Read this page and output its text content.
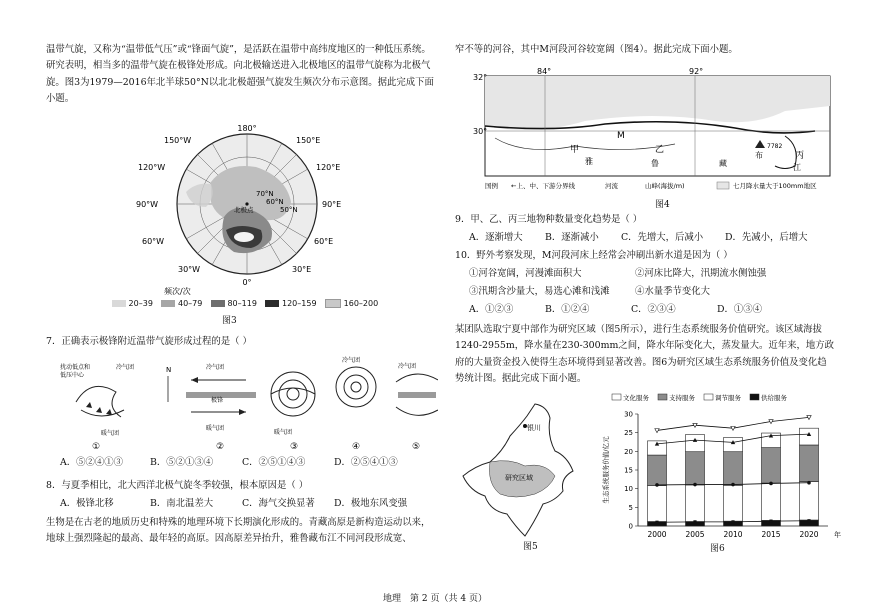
温带气旋，又称为“温带低气压”或“锋面气旋”，是活跃在温带中高纬度地区的一种低压系统。研究表明，相当多的温带气旋在极锋处形成。向北极输送进入北极地区的温带气旋称为北极气旋。图3为1979—2016年北半球50°N以北北极超强气旋发生频次分布示意图。据此完成下面小题。

180°
150°E
120°E
90°E
60°E
30°E
0°
30°W
60°W
90°W
120°W
150°W
70°N
60°N
50°N
北极点
频次/次
20–39	40–79	80–119	120–159	160–200
图3
7．正确表示极锋附近温带气旋形成过程的是（ ）
扰动低点和
低压中心
冷气团
暖气团
N	冷气团
极锋
暖气团
暖气团
冷气团
冷气团
①	②	③	④	⑤
A．⑤②④①③	B．⑤②①③④	C．②⑤①④③	D．②⑤④①③
8．与夏季相比，北大西洋北极气旋冬季较强，根本原因是（ ）
A．极锋北移	B．南北温差大	C．海气交换显著 D．极地东风变强

生物是在古老的地质历史和特殊的地理环境下长期演化形成的。青藏高原是新构造运动以来，地球上强烈隆起的最高、最年轻的高原。因高原差异抬升，雅鲁藏布江不同河段形成宽、

窄不等的河谷，其中M河段河谷较宽阔（图4）。据此完成下面小题。

84°	92°
32°
30°	M
甲	乙
丙
雅	鲁	藏
布
江
7782
国例 ←上、中、下游分界线	河流	山峰(海拔/m)	七月降水量大于100mm地区
图4
9．甲、乙、丙三地物种数量变化趋势是（ ）
A．逐渐增大 B．逐渐减小 C．先增大，后减小 D．先减小，后增大
10．野外考察发现，M河段河床上经常会冲刷出新水道是因为（ ）
①河谷宽阔，河漫滩面积大	②河床比降大，汛期流水侧蚀强
③汛期含沙量大，易选心滩和浅滩	④水量季节变化大
A．①②③	B．①②④	C．②③④	D．①③④

某团队选取宁夏中部作为研究区域（图5所示），进行生态系统服务价值研究。该区域海拔1240-2955m，降水量在230-300mm之间，降水年际变化大，蒸发量大。近年来，地方政府的大量资金投入使得生态环境得到显著改善。图6为研究区域生态系统服务价值及变化趋势统计图。据此完成下面小题。

银川
研究区域
图5
文化服务	支持服务	调节服务	供给服务
0
5
10
15
20
25
30
生态系统服务价值/亿元
年
2000	2005	2010	2015	2020
图6
地理　第 2 页（共 4 页）
